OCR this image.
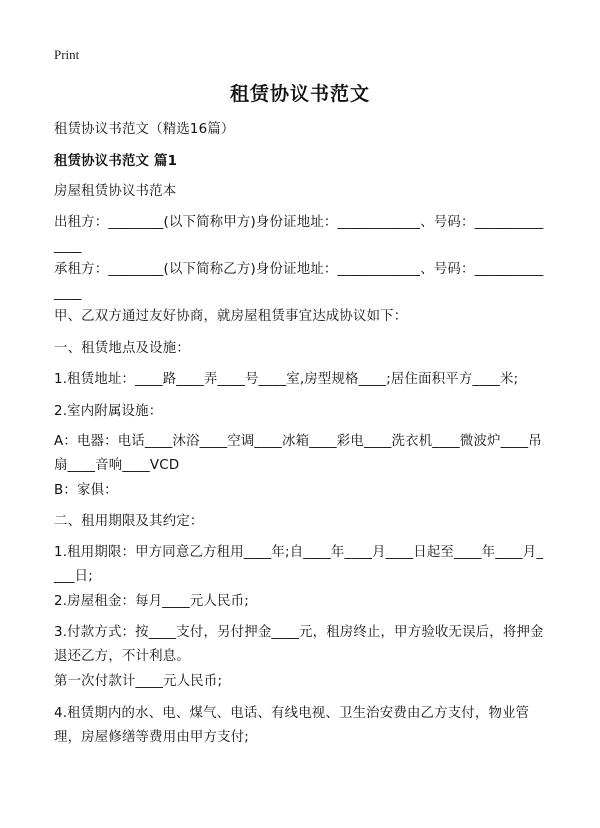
Print
租赁协议书范文
租赁协议书范文（精选16篇）
租赁协议书范文 篇1
房屋租赁协议书范本
出租方：________(以下简称甲方)身份证地址：____________、号码：______________
承租方：________(以下简称乙方)身份证地址：____________、号码：______________
甲、乙双方通过友好协商，就房屋租赁事宜达成协议如下：
一、租赁地点及设施：
1.租赁地址：____路____弄____号____室,房型规格____;居住面积平方____米;
2.室内附属设施：
A：电器：电话____沐浴____空调____冰箱____彩电____洗衣机____微波炉____吊扇____音响____VCD
B：家俱：
二、租用期限及其约定：
1.租用期限：甲方同意乙方租用____年;自____年____月____日起至____年____月____日;
2.房屋租金：每月____元人民币;
3.付款方式：按____支付，另付押金____元，租房终止，甲方验收无误后，将押金退还乙方，不计利息。
第一次付款计____元人民币;
4.租赁期内的水、电、煤气、电话、有线电视、卫生治安费由乙方支付，物业管理，房屋修缮等费用由甲方支付;
